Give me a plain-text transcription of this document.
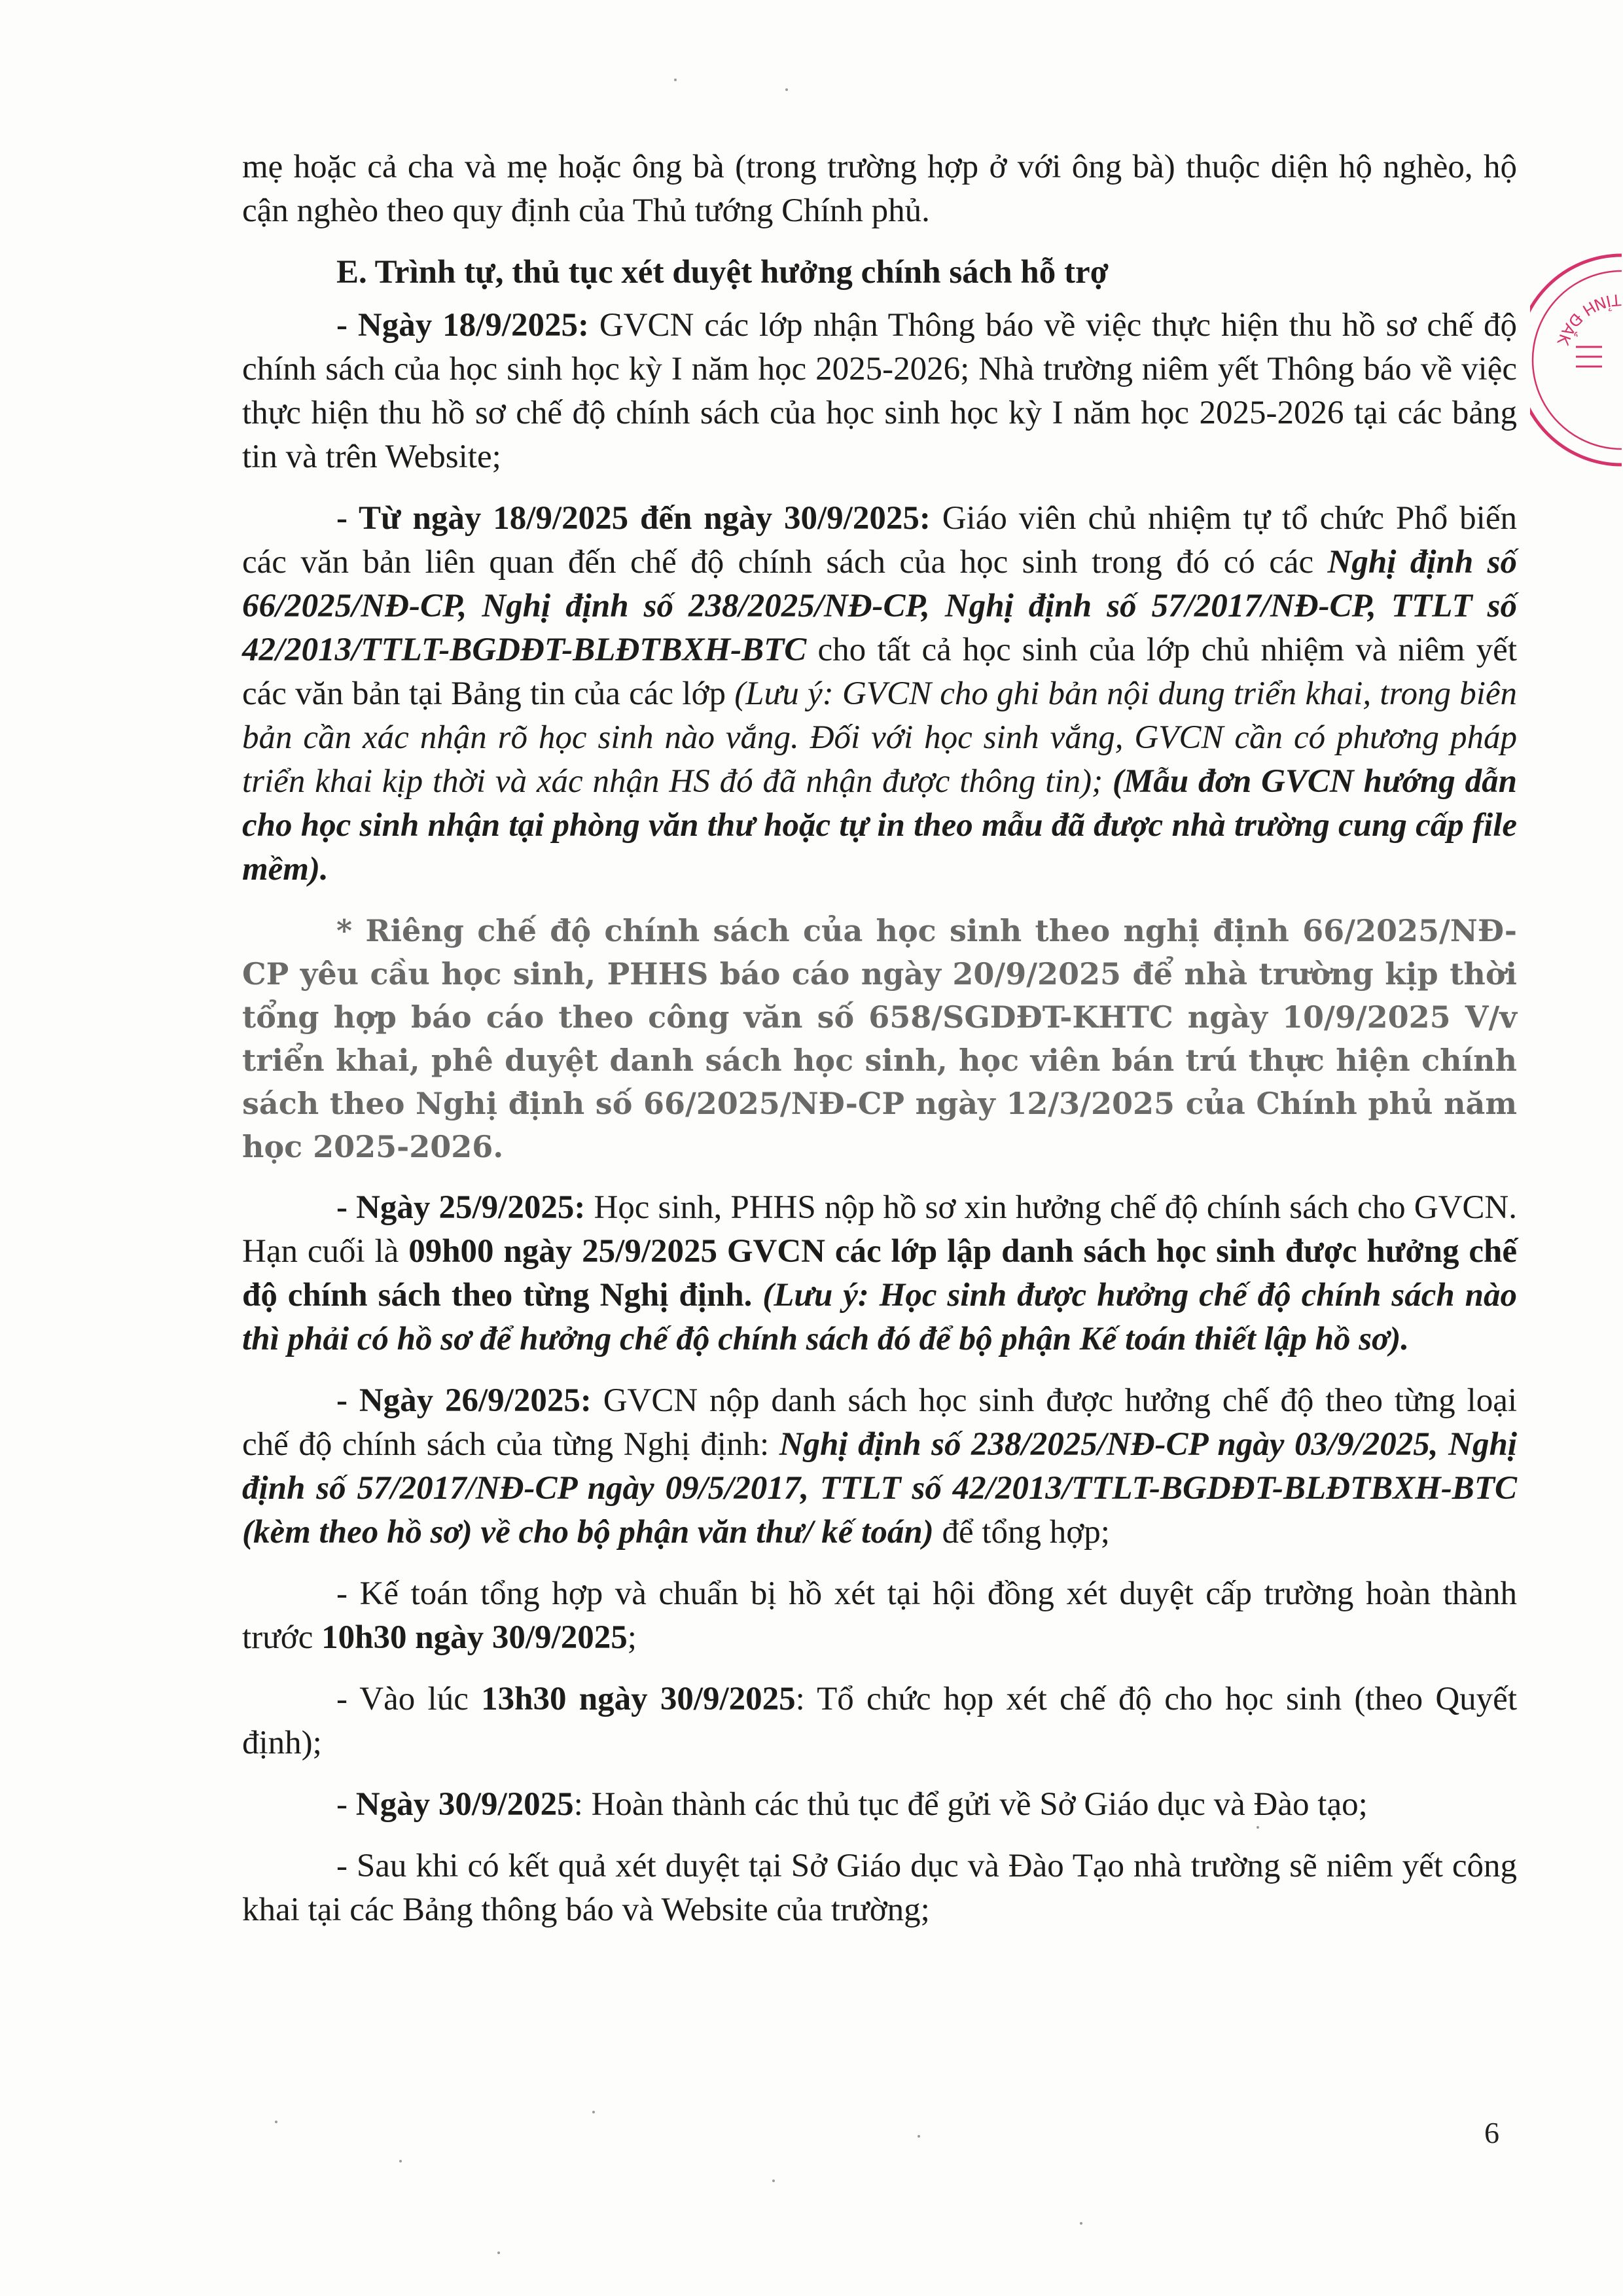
mẹ hoặc cả cha và mẹ hoặc ông bà (trong trường hợp ở với ông bà) thuộc diện hộ nghèo, hộ cận nghèo theo quy định của Thủ tướng Chính phủ.

E. Trình tự, thủ tục xét duyệt hưởng chính sách hỗ trợ

- Ngày 18/9/2025: GVCN các lớp nhận Thông báo về việc thực hiện thu hồ sơ chế độ chính sách của học sinh học kỳ I năm học 2025-2026; Nhà trường niêm yết Thông báo về việc thực hiện thu hồ sơ chế độ chính sách của học sinh học kỳ I năm học 2025-2026 tại các bảng tin và trên Website;

- Từ ngày 18/9/2025 đến ngày 30/9/2025: Giáo viên chủ nhiệm tự tổ chức Phổ biến các văn bản liên quan đến chế độ chính sách của học sinh trong đó có các Nghị định số 66/2025/NĐ-CP, Nghị định số 238/2025/NĐ-CP, Nghị định số 57/2017/NĐ-CP, TTLT số 42/2013/TTLT-BGDĐT-BLĐTBXH-BTC cho tất cả học sinh của lớp chủ nhiệm và niêm yết các văn bản tại Bảng tin của các lớp (Lưu ý: GVCN cho ghi bản nội dung triển khai, trong biên bản cần xác nhận rõ học sinh nào vắng. Đối với học sinh vắng, GVCN cần có phương pháp triển khai kịp thời và xác nhận HS đó đã nhận được thông tin); (Mẫu đơn GVCN hướng dẫn cho học sinh nhận tại phòng văn thư hoặc tự in theo mẫu đã được nhà trường cung cấp file mềm).

* Riêng chế độ chính sách của học sinh theo nghị định 66/2025/NĐ-CP yêu cầu học sinh, PHHS báo cáo ngày 20/9/2025 để nhà trường kịp thời tổng hợp báo cáo theo công văn số 658/SGDĐT-KHTC ngày 10/9/2025 V/v triển khai, phê duyệt danh sách học sinh, học viên bán trú thực hiện chính sách theo Nghị định số 66/2025/NĐ-CP ngày 12/3/2025 của Chính phủ năm học 2025-2026.

- Ngày 25/9/2025: Học sinh, PHHS nộp hồ sơ xin hưởng chế độ chính sách cho GVCN. Hạn cuối là 09h00 ngày 25/9/2025 GVCN các lớp lập danh sách học sinh được hưởng chế độ chính sách theo từng Nghị định. (Lưu ý: Học sinh được hưởng chế độ chính sách nào thì phải có hồ sơ để hưởng chế độ chính sách đó để bộ phận Kế toán thiết lập hồ sơ).

- Ngày 26/9/2025: GVCN nộp danh sách học sinh được hưởng chế độ theo từng loại chế độ chính sách của từng Nghị định: Nghị định số 238/2025/NĐ-CP ngày 03/9/2025, Nghị định số 57/2017/NĐ-CP ngày 09/5/2017, TTLT số 42/2013/TTLT-BGDĐT-BLĐTBXH-BTC (kèm theo hồ sơ) về cho bộ phận văn thư/ kế toán) để tổng hợp;

- Kế toán tổng hợp và chuẩn bị hồ xét tại hội đồng xét duyệt cấp trường hoàn thành trước 10h30 ngày 30/9/2025;

- Vào lúc 13h30 ngày 30/9/2025: Tổ chức họp xét chế độ cho học sinh (theo Quyết định);

- Ngày 30/9/2025: Hoàn thành các thủ tục để gửi về Sở Giáo dục và Đào tạo;

- Sau khi có kết quả xét duyệt tại Sở Giáo dục và Đào Tạo nhà trường sẽ niêm yết công khai tại các Bảng thông báo và Website của trường;

TỈNH ĐẮK
6
